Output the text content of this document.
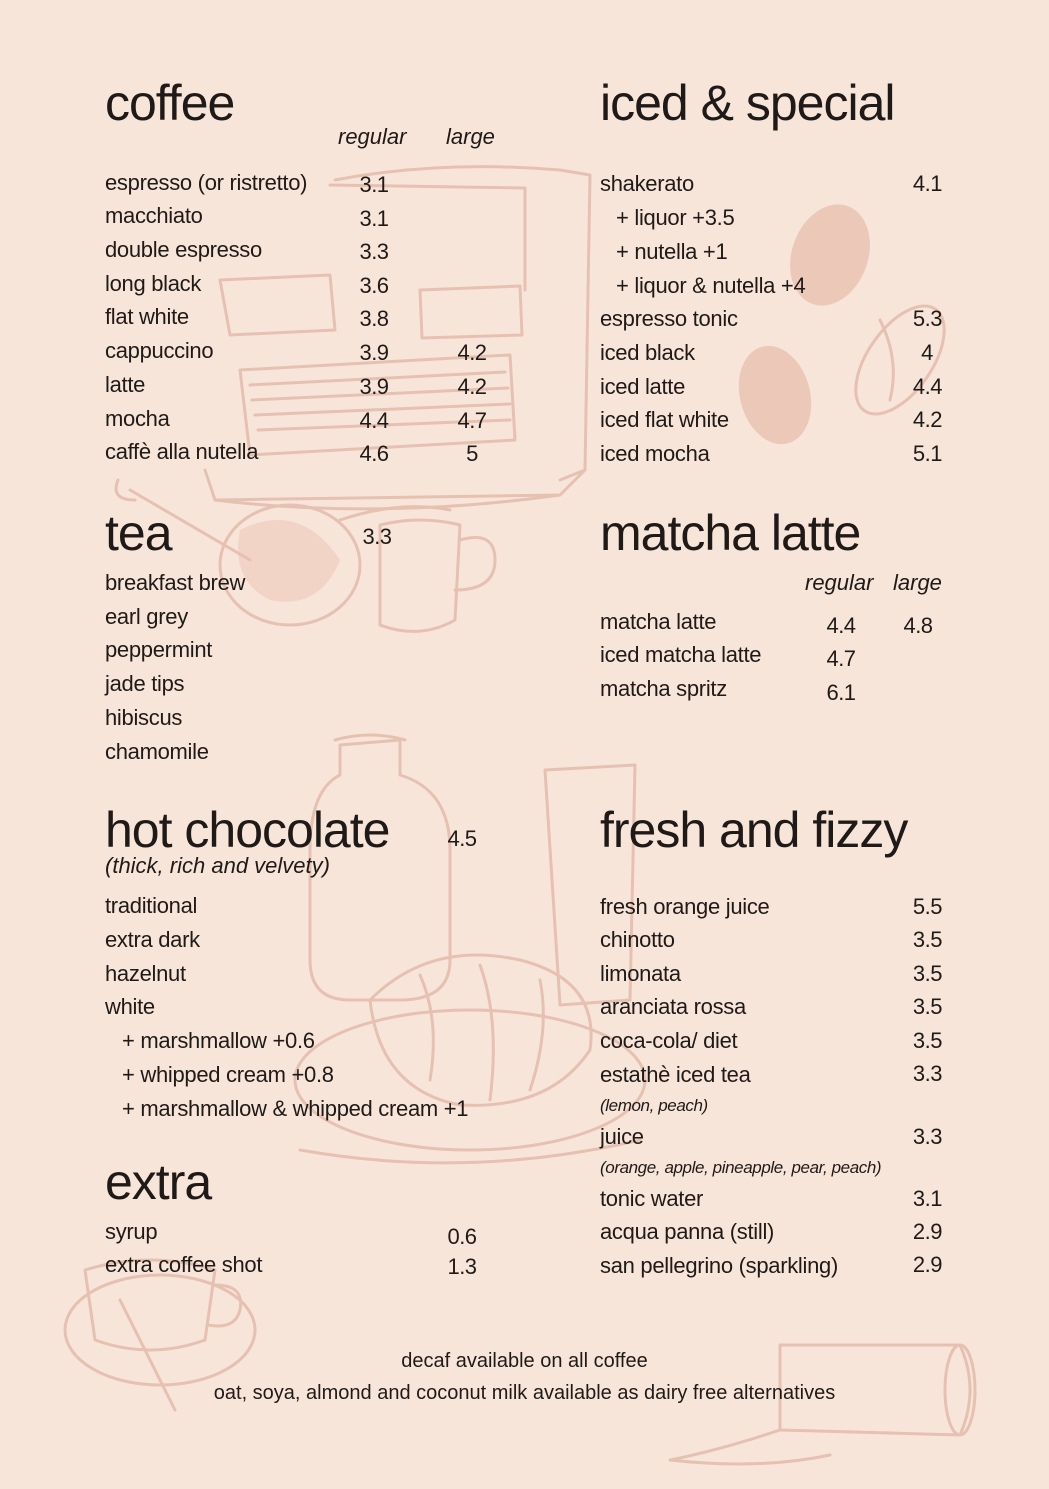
coffee
regular large
espresso (or ristretto) 3.1
macchiato	3.1
double espresso	3.3
long black	3.6
flat white	3.8
cappuccino	3.9	4.2
latte	3.9	4.2
mocha	4.4	4.7
caffè alla nutella	4.6	5
iced & special
shakerato	4.1
+ liquor +3.5
+ nutella +1
+ liquor & nutella +4
espresso tonic	5.3
iced black	4
iced latte	4.4
iced flat white	4.2
iced mocha	5.1
tea	3.3
breakfast brew
earl grey
peppermint
jade tips
hibiscus
chamomile
matcha latte
regular large
matcha latte	4.4 4.8
iced matcha latte	4.7
matcha spritz	6.1
hot chocolate	4.5
(thick, rich and velvety)
traditional
extra dark
hazelnut
white
+ marshmallow +0.6
+ whipped cream +0.8
+ marshmallow & whipped cream +1
fresh and fizzy
fresh orange juice	5.5
chinotto	3.5
limonata	3.5
aranciata rossa	3.5
coca-cola/ diet	3.5
estathè iced tea	3.3
(lemon, peach)
juice	3.3
(orange, apple, pineapple, pear, peach)
tonic water	3.1
acqua panna (still)	2.9
san pellegrino (sparkling)	2.9
extra
syrup	0.6
extra coffee shot	1.3
decaf available on all coffee
oat, soya, almond and coconut milk available as dairy free alternatives
